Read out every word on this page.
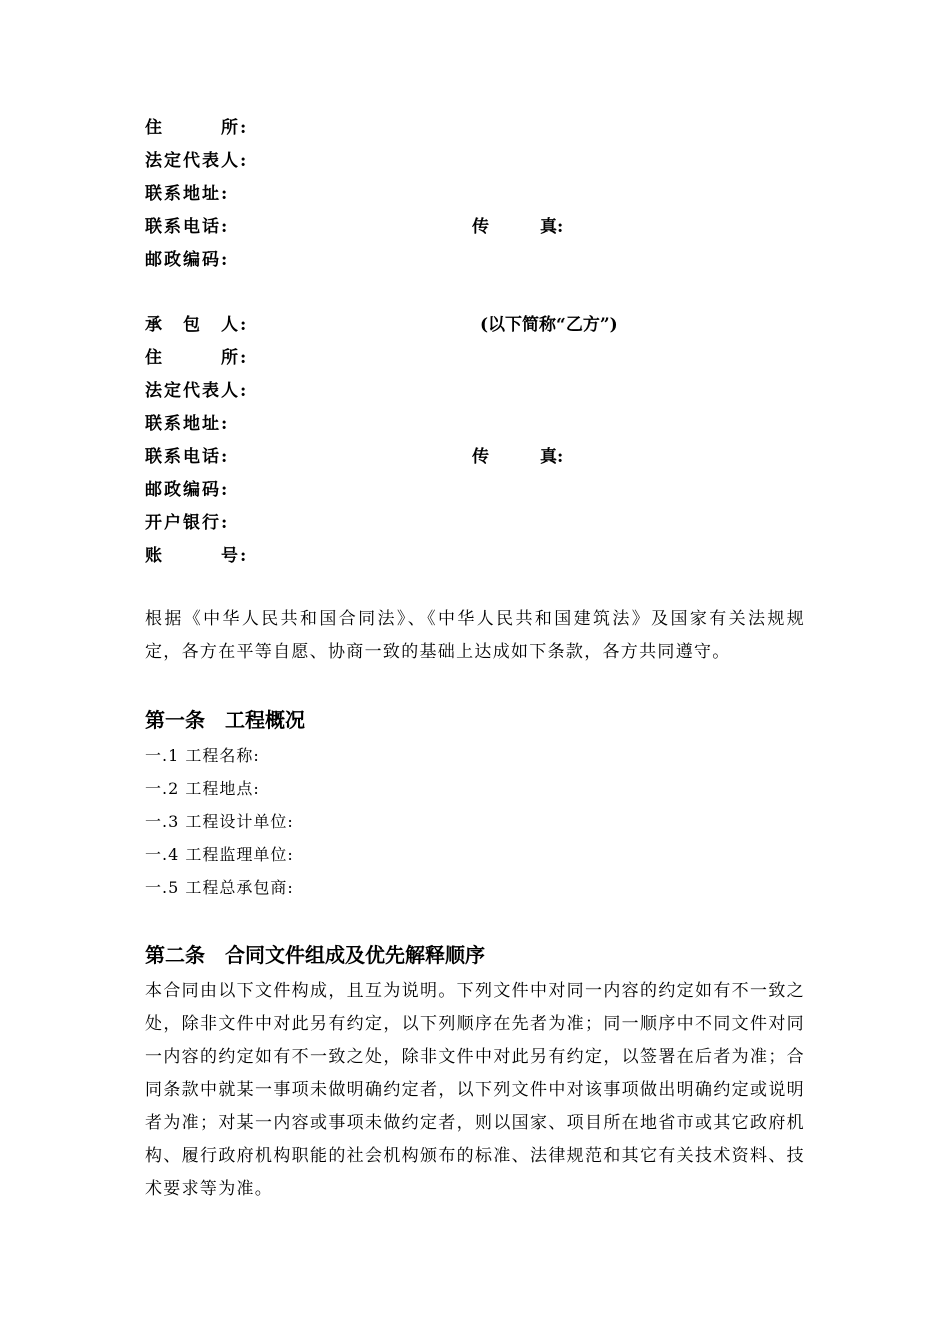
住　　　所:
法定代表人:
联系地址:
联系电话:	传　　　真:
邮政编码:
承　包　人:	(以下简称“乙方”)
住　　　所:
法定代表人:
联系地址:
联系电话:	传　　　真:
邮政编码:
开户银行:
账　　　号:
根据《中华人民共和国合同法》、《中华人民共和国建筑法》及国家有关法规规定，各方在平等自愿、协商一致的基础上达成如下条款，各方共同遵守。
第一条　工程概况
一.1 工程名称:
一.2 工程地点:
一.3 工程设计单位:
一.4 工程监理单位:
一.5 工程总承包商:
第二条　合同文件组成及优先解释顺序
本合同由以下文件构成，且互为说明。下列文件中对同一内容的约定如有不一致之处，除非文件中对此另有约定，以下列顺序在先者为准；同一顺序中不同文件对同一内容的约定如有不一致之处，除非文件中对此另有约定，以签署在后者为准；合同条款中就某一事项未做明确约定者，以下列文件中对该事项做出明确约定或说明者为准；对某一内容或事项未做约定者，则以国家、项目所在地省市或其它政府机构、履行政府机构职能的社会机构颁布的标准、法律规范和其它有关技术资料、技术要求等为准。
